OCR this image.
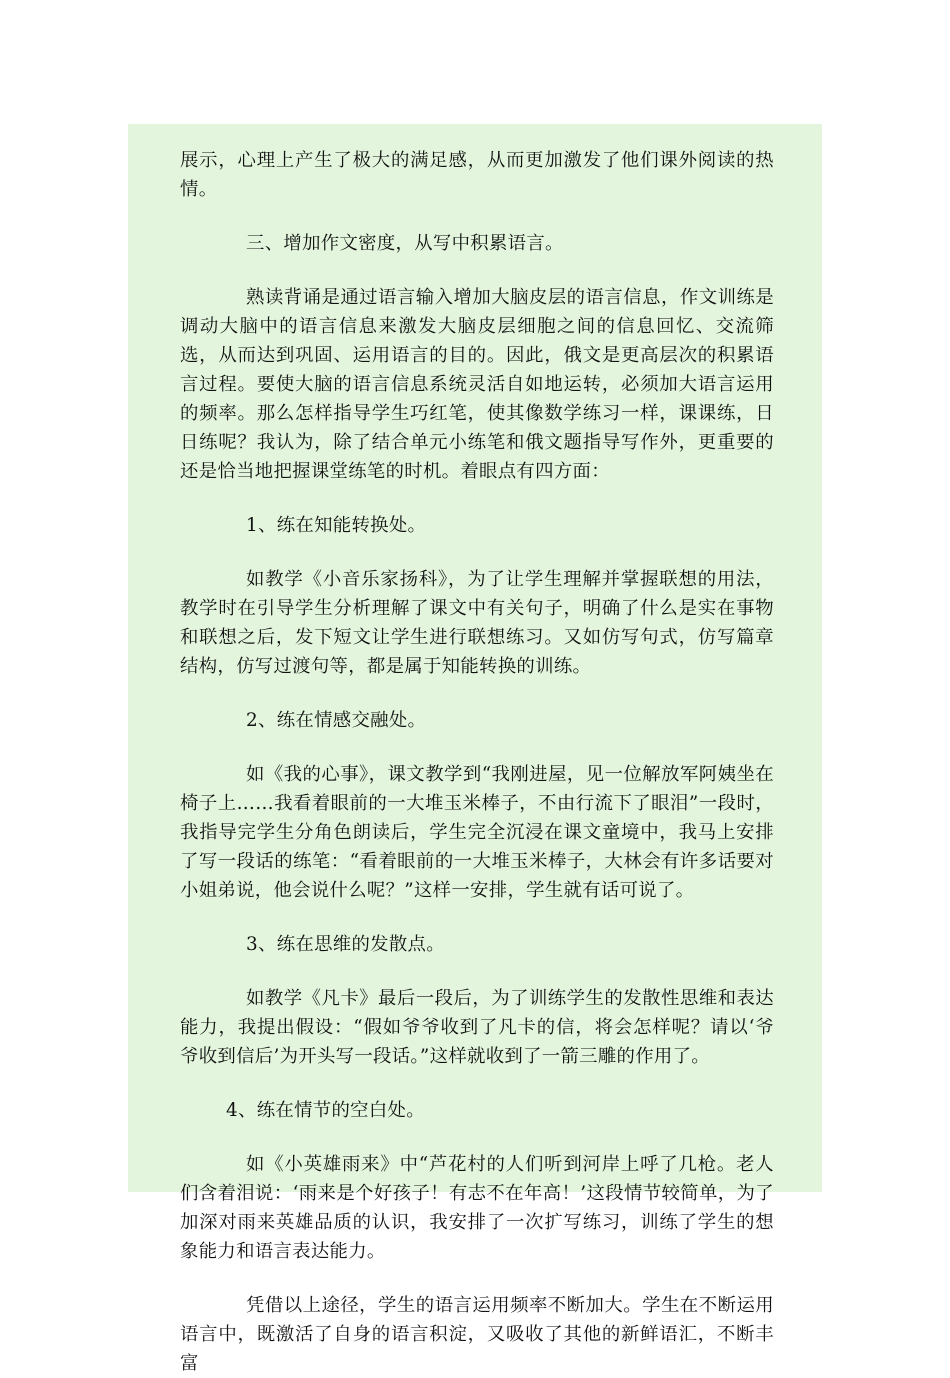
展示，心理上产生了极大的满足感，从而更加激发了他们课外阅读的热情。

三、增加作文密度，从写中积累语言。

熟读背诵是通过语言输入增加大脑皮层的语言信息，作文训练是调动大脑中的语言信息来激发大脑皮层细胞之间的信息回忆、交流筛选，从而达到巩固、运用语言的目的。因此，俄文是更高层次的积累语言过程。要使大脑的语言信息系统灵活自如地运转，必须加大语言运用的频率。那么怎样指导学生巧红笔，使其像数学练习一样，课课练，日日练呢？我认为，除了结合单元小练笔和俄文题指导写作外，更重要的还是恰当地把握课堂练笔的时机。着眼点有四方面：

1、练在知能转换处。

如教学《小音乐家扬科》，为了让学生理解并掌握联想的用法，教学时在引导学生分析理解了课文中有关句子，明确了什么是实在事物和联想之后，发下短文让学生进行联想练习。又如仿写句式，仿写篇章结构，仿写过渡句等，都是属于知能转换的训练。

2、练在情感交融处。

如《我的心事》，课文教学到“我刚进屋，见一位解放军阿姨坐在椅子上……我看着眼前的一大堆玉米棒子，不由行流下了眼泪”一段时，我指导完学生分角色朗读后，学生完全沉浸在课文童境中，我马上安排了写一段话的练笔：“看着眼前的一大堆玉米棒子，大林会有许多话要对小姐弟说，他会说什么呢？”这样一安排，学生就有话可说了。

3、练在思维的发散点。

如教学《凡卡》最后一段后，为了训练学生的发散性思维和表达能力，我提出假设：“假如爷爷收到了凡卡的信，将会怎样呢？请以‘爷爷收到信后’为开头写一段话。”这样就收到了一箭三雕的作用了。

4、练在情节的空白处。

如《小英雄雨来》中“芦花村的人们听到河岸上呼了几枪。老人们含着泪说：‘雨来是个好孩子！有志不在年高！’这段情节较简单，为了加深对雨来英雄品质的认识，我安排了一次扩写练习，训练了学生的想象能力和语言表达能力。

凭借以上途径，学生的语言运用频率不断加大。学生在不断运用语言中，既激活了自身的语言积淀，又吸收了其他的新鲜语汇，不断丰富
